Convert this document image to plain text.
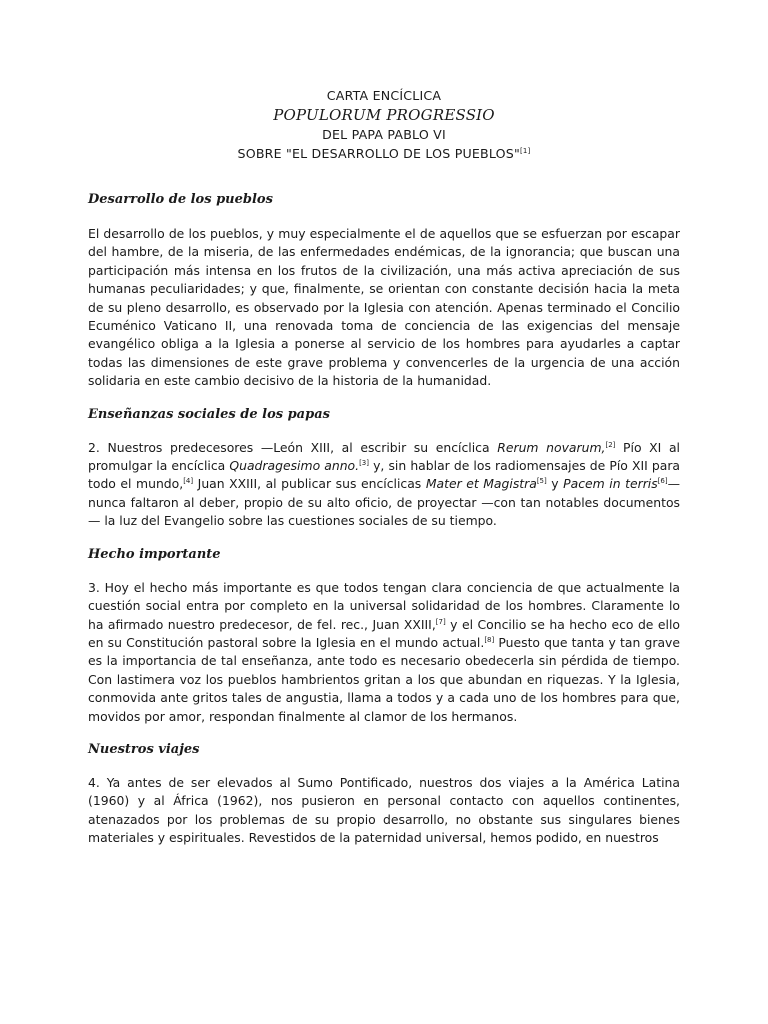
CARTA ENCÍCLICA
POPULORUM PROGRESSIO
DEL PAPA PABLO VI
SOBRE "EL DESARROLLO DE LOS PUEBLOS"[1]
Desarrollo de los pueblos

El desarrollo de los pueblos, y muy especialmente el de aquellos que se esfuerzan por escapar del hambre, de la miseria, de las enfermedades endémicas, de la ignorancia; que buscan una participación más intensa en los frutos de la civilización, una más activa apreciación de sus humanas peculiaridades; y que, finalmente, se orientan con constante decisión hacia la meta de su pleno desarrollo, es observado por la Iglesia con atención. Apenas terminado el Concilio Ecuménico Vaticano II, una renovada toma de conciencia de las exigencias del mensaje evangélico obliga a la Iglesia a ponerse al servicio de los hombres para ayudarles a captar todas las dimensiones de este grave problema y convencerles de la urgencia de una acción solidaria en este cambio decisivo de la historia de la humanidad.

Enseñanzas sociales de los papas

2. Nuestros predecesores —León XIII, al escribir su encíclica Rerum novarum,[2] Pío XI al promulgar la encíclica Quadragesimo anno.[3] y, sin hablar de los radiomensajes de Pío XII para todo el mundo,[4] Juan XXIII, al publicar sus encíclicas Mater et Magistra[5] y Pacem in terris[6]— nunca faltaron al deber, propio de su alto oficio, de proyectar —con tan notables documentos— la luz del Evangelio sobre las cuestiones sociales de su tiempo.

Hecho importante

3. Hoy el hecho más importante es que todos tengan clara conciencia de que actualmente la cuestión social entra por completo en la universal solidaridad de los hombres. Claramente lo ha afirmado nuestro predecesor, de fel. rec., Juan XXIII,[7] y el Concilio se ha hecho eco de ello en su Constitución pastoral sobre la Iglesia en el mundo actual.[8] Puesto que tanta y tan grave es la importancia de tal enseñanza, ante todo es necesario obedecerla sin pérdida de tiempo. Con lastimera voz los pueblos hambrientos gritan a los que abundan en riquezas. Y la Iglesia, conmovida ante gritos tales de angustia, llama a todos y a cada uno de los hombres para que, movidos por amor, respondan finalmente al clamor de los hermanos.

Nuestros viajes

4. Ya antes de ser elevados al Sumo Pontificado, nuestros dos viajes a la América Latina (1960) y al África (1962), nos pusieron en personal contacto con aquellos continentes, atenazados por los problemas de su propio desarrollo, no obstante sus singulares bienes materiales y espirituales. Revestidos de la paternidad universal, hemos podido, en nuestros
